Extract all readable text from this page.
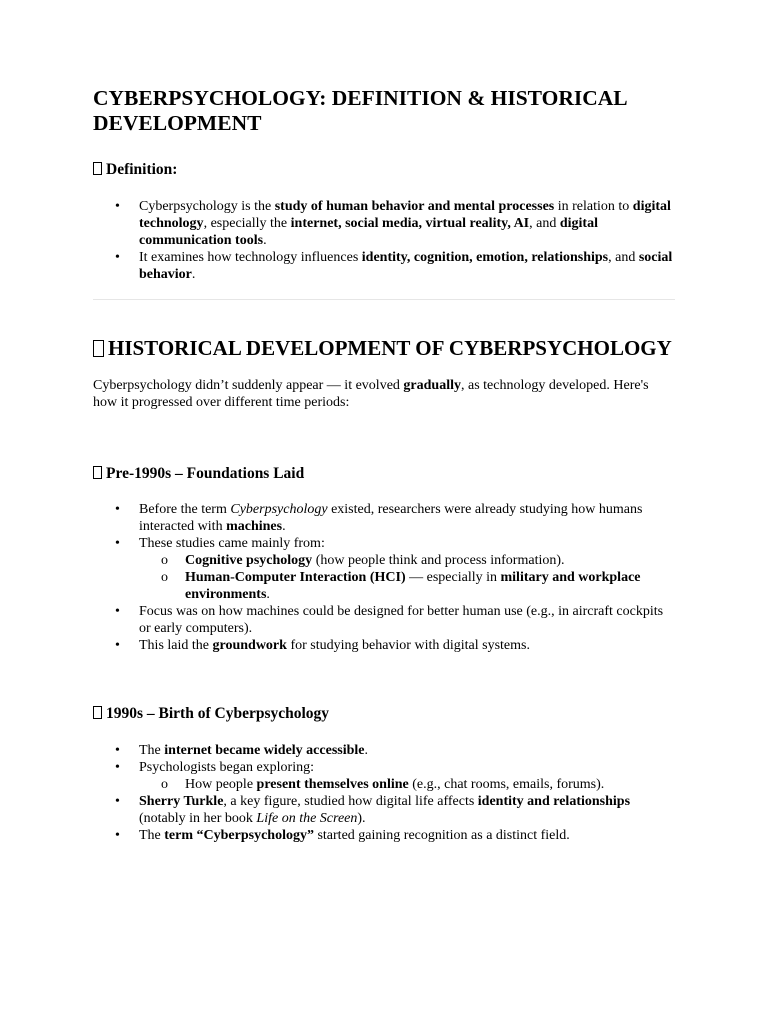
CYBERPSYCHOLOGY: DEFINITION & HISTORICAL DEVELOPMENT
Definition:
• Cyberpsychology is the study of human behavior and mental processes in relation to digital technology, especially the internet, social media, virtual reality, AI, and digital communication tools.
• It examines how technology influences identity, cognition, emotion, relationships, and social behavior.
HISTORICAL DEVELOPMENT OF CYBERPSYCHOLOGY

Cyberpsychology didn’t suddenly appear — it evolved gradually, as technology developed. Here's how it progressed over different time periods:

Pre-1990s – Foundations Laid
• Before the term Cyberpsychology existed, researchers were already studying how humans interacted with machines.
• These studies came mainly from:
o Cognitive psychology (how people think and process information).
o Human-Computer Interaction (HCI) — especially in military and workplace environments.
• Focus was on how machines could be designed for better human use (e.g., in aircraft cockpits or early computers).
• This laid the groundwork for studying behavior with digital systems.
1990s – Birth of Cyberpsychology
• The internet became widely accessible.
• Psychologists began exploring:
o How people present themselves online (e.g., chat rooms, emails, forums).
• Sherry Turkle, a key figure, studied how digital life affects identity and relationships (notably in her book Life on the Screen).
• The term “Cyberpsychology” started gaining recognition as a distinct field.
